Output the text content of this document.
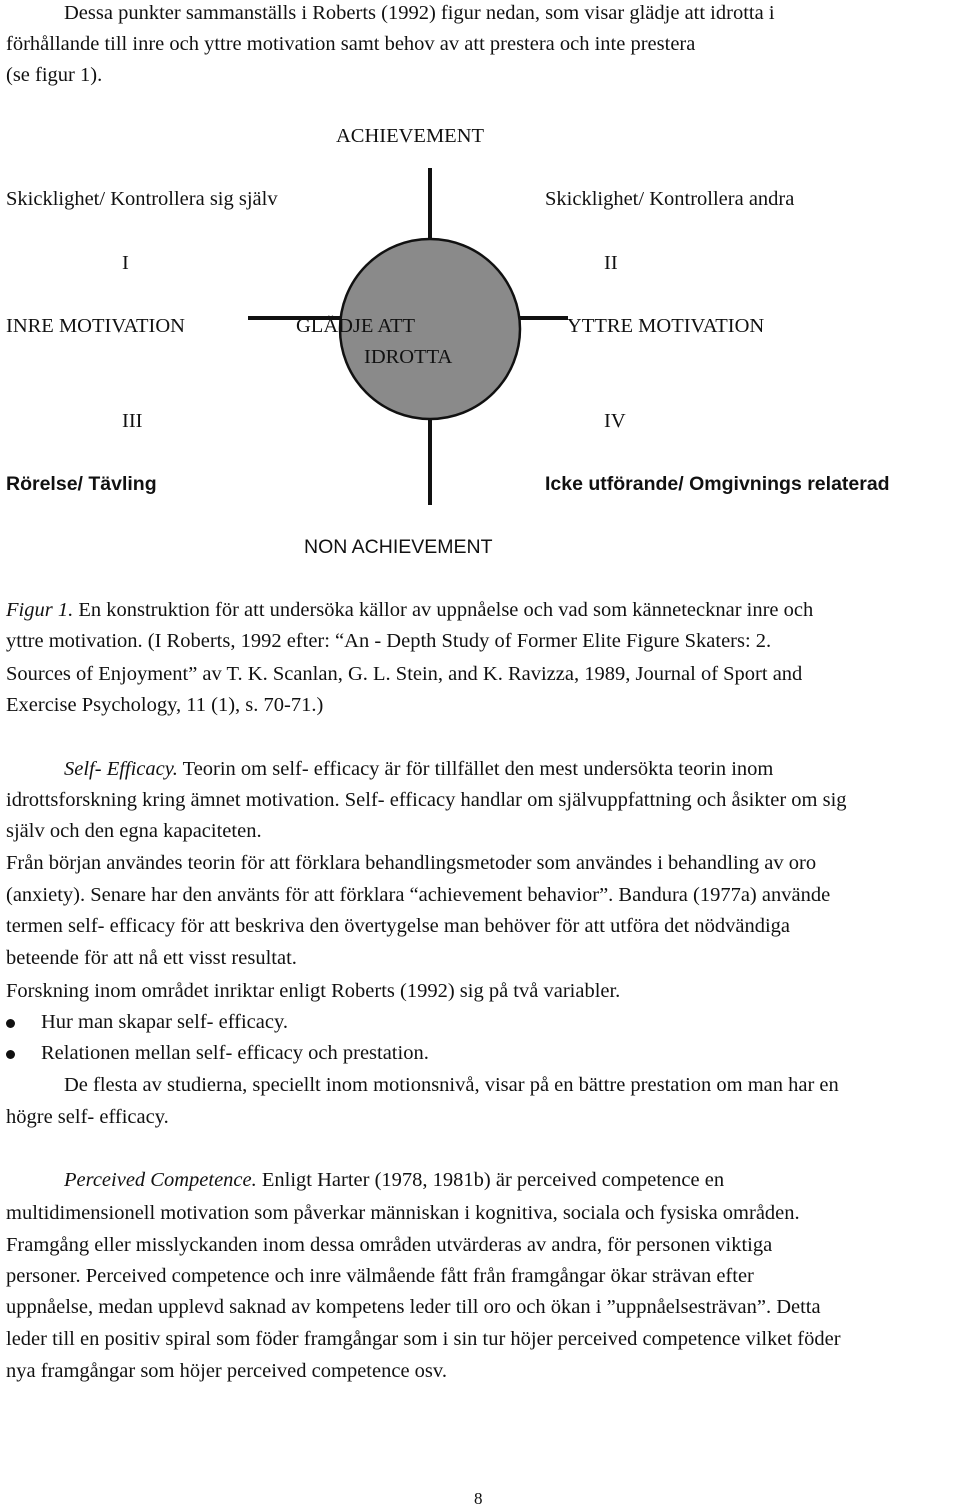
Dessa punkter sammanställs i Roberts (1992) figur nedan, som visar glädje att idrotta i
förhållande till inre och yttre motivation samt behov av att prestera och inte prestera
(se figur 1).
ACHIEVEMENT
Skicklighet/ Kontrollera sig själv	Skicklighet/ Kontrollera andra
I	II
INRE MOTIVATION	GLÄDJE ATT	YTTRE MOTIVATION
IDROTTA
III	IV
Rörelse/ Tävling	Icke utförande/ Omgivnings relaterad
NON ACHIEVEMENT
Figur 1. En konstruktion för att undersöka källor av uppnåelse och vad som kännetecknar inre och
yttre motivation. (I Roberts, 1992 efter: “An - Depth Study of Former Elite Figure Skaters: 2.
Sources of Enjoyment” av T. K. Scanlan, G. L. Stein, and K. Ravizza, 1989, Journal of Sport and
Exercise Psychology, 11 (1), s. 70-71.)
Self- Efficacy. Teorin om self- efficacy är för tillfället den mest undersökta teorin inom
idrottsforskning kring ämnet motivation. Self- efficacy handlar om självuppfattning och åsikter om sig
själv och den egna kapaciteten.
Från början användes teorin för att förklara behandlingsmetoder som användes i behandling av oro
(anxiety). Senare har den använts för att förklara “achievement behavior”. Bandura (1977a) använde
termen self- efficacy för att beskriva den övertygelse man behöver för att utföra det nödvändiga
beteende för att nå ett visst resultat.
Forskning inom området inriktar enligt Roberts (1992) sig på två variabler.
Hur man skapar self- efficacy.
Relationen mellan self- efficacy och prestation.
De flesta av studierna, speciellt inom motionsnivå, visar på en bättre prestation om man har en
högre self- efficacy.
Perceived Competence. Enligt Harter (1978, 1981b) är perceived competence en
multidimensionell motivation som påverkar människan i kognitiva, sociala och fysiska områden.
Framgång eller misslyckanden inom dessa områden utvärderas av andra, för personen viktiga
personer. Perceived competence och inre välmående fått från framgångar ökar strävan efter
uppnåelse, medan upplevd saknad av kompetens leder till oro och ökan i ”uppnåelsesträvan”. Detta
leder till en positiv spiral som föder framgångar som i sin tur höjer perceived competence vilket föder
nya framgångar som höjer perceived competence osv.
8
